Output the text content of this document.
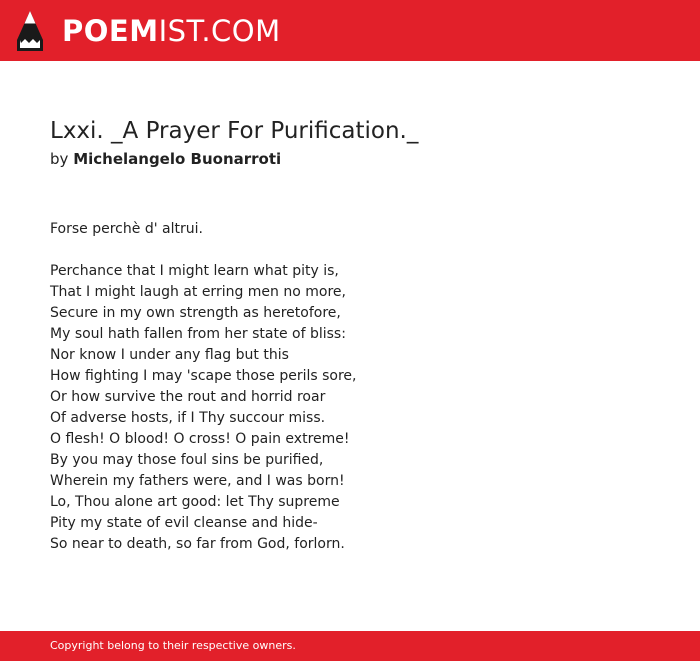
POEMIST.COM
Lxxi. _A Prayer For Purification._
by Michelangelo Buonarroti
Forse perchè d' altrui.
Perchance that I might learn what pity is,
That I might laugh at erring men no more,
Secure in my own strength as heretofore,
My soul hath fallen from her state of bliss:
Nor know I under any flag but this
How fighting I may 'scape those perils sore,
Or how survive the rout and horrid roar
Of adverse hosts, if I Thy succour miss.
O flesh! O blood! O cross! O pain extreme!
By you may those foul sins be purified,
Wherein my fathers were, and I was born!
Lo, Thou alone art good: let Thy supreme
Pity my state of evil cleanse and hide-
So near to death, so far from God, forlorn.
Copyright belong to their respective owners.
